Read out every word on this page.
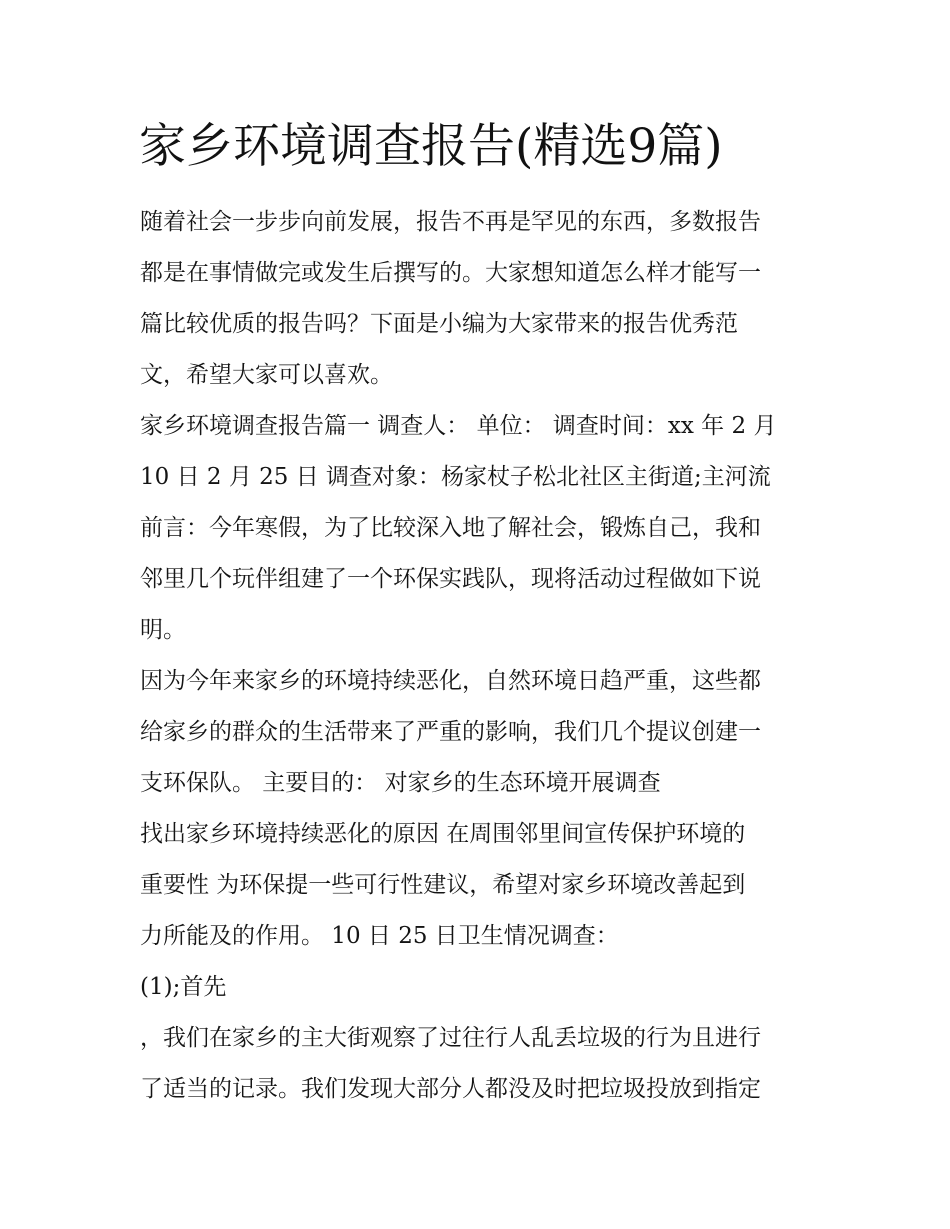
家乡环境调查报告(精选9篇)

随着社会一步步向前发展，报告不再是罕见的东西，多数报告

都是在事情做完或发生后撰写的。大家想知道怎么样才能写一

篇比较优质的报告吗？下面是小编为大家带来的报告优秀范

文，希望大家可以喜欢。

家乡环境调查报告篇一 调查人： 单位： 调查时间：xx 年 2 月

10 日 2 月 25 日 调查对象：杨家杖子松北社区主街道;主河流

前言：今年寒假，为了比较深入地了解社会，锻炼自己，我和

邻里几个玩伴组建了一个环保实践队，现将活动过程做如下说

明。

因为今年来家乡的环境持续恶化，自然环境日趋严重，这些都

给家乡的群众的生活带来了严重的影响，我们几个提议创建一

支环保队。 主要目的： 对家乡的生态环境开展调查

找出家乡环境持续恶化的原因 在周围邻里间宣传保护环境的

重要性 为环保提一些可行性建议，希望对家乡环境改善起到

力所能及的作用。 10 日 25 日卫生情况调查：

(1);首先

，我们在家乡的主大街观察了过往行人乱丢垃圾的行为且进行

了适当的记录。我们发现大部分人都没及时把垃圾投放到指定
